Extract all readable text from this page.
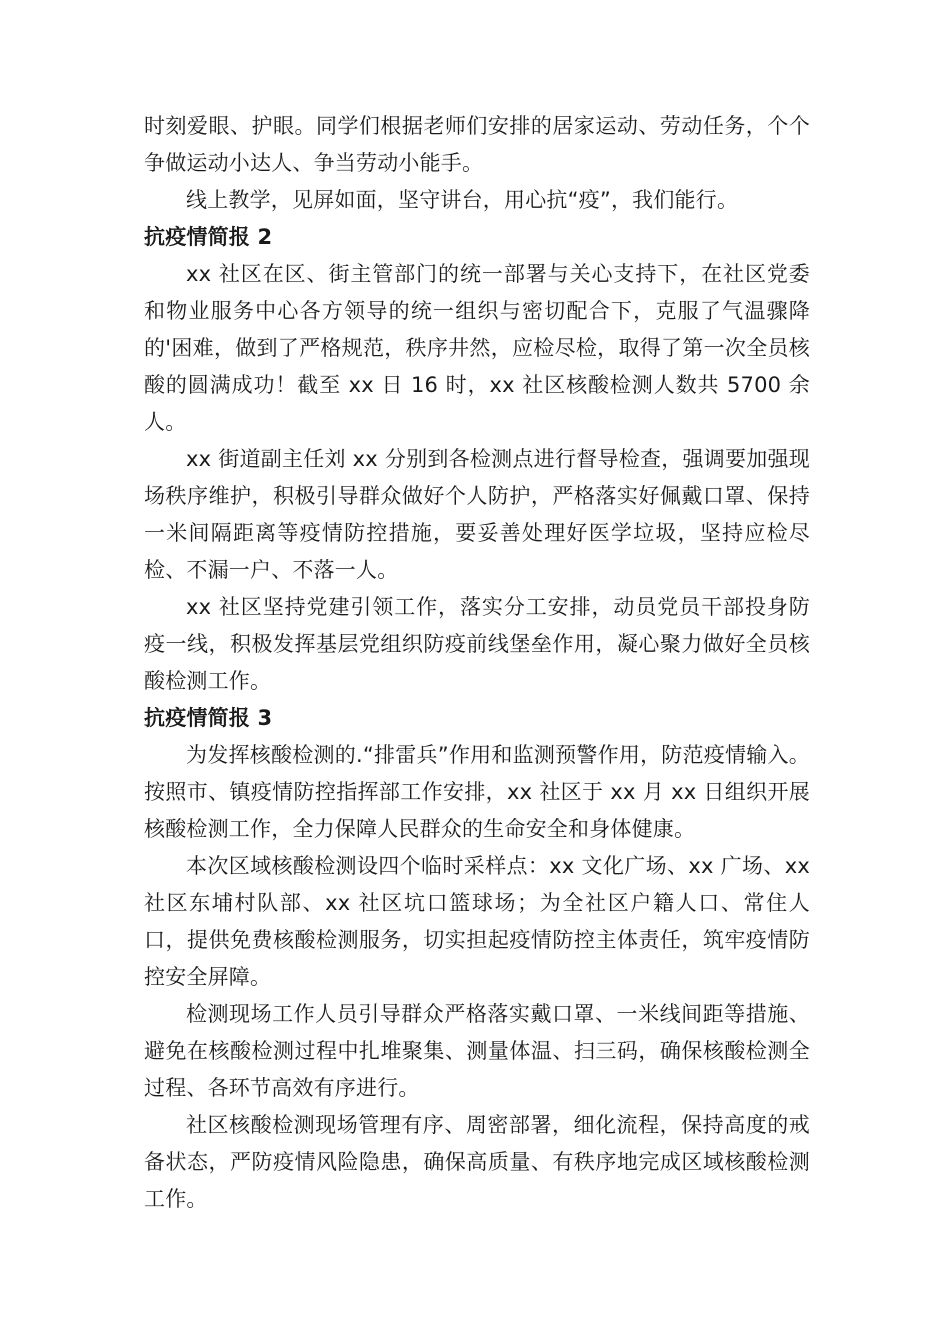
时刻爱眼、护眼。同学们根据老师们安排的居家运动、劳动任务，个个争做运动小达人、争当劳动小能手。

线上教学，见屏如面，坚守讲台，用心抗“疫”，我们能行。

抗疫情简报 2

xx 社区在区、街主管部门的统一部署与关心支持下，在社区党委和物业服务中心各方领导的统一组织与密切配合下，克服了气温骤降的'困难，做到了严格规范，秩序井然，应检尽检，取得了第一次全员核酸的圆满成功！截至 xx 日 16 时，xx 社区核酸检测人数共 5700 余人。

xx 街道副主任刘 xx 分别到各检测点进行督导检查，强调要加强现场秩序维护，积极引导群众做好个人防护，严格落实好佩戴口罩、保持一米间隔距离等疫情防控措施，要妥善处理好医学垃圾，坚持应检尽检、不漏一户、不落一人。

xx 社区坚持党建引领工作，落实分工安排，动员党员干部投身防疫一线，积极发挥基层党组织防疫前线堡垒作用，凝心聚力做好全员核酸检测工作。

抗疫情简报 3

为发挥核酸检测的.“排雷兵”作用和监测预警作用，防范疫情输入。按照市、镇疫情防控指挥部工作安排，xx 社区于 xx 月 xx 日组织开展核酸检测工作，全力保障人民群众的生命安全和身体健康。

本次区域核酸检测设四个临时采样点：xx 文化广场、xx 广场、xx 社区东埔村队部、xx 社区坑口篮球场；为全社区户籍人口、常住人口，提供免费核酸检测服务，切实担起疫情防控主体责任，筑牢疫情防控安全屏障。

检测现场工作人员引导群众严格落实戴口罩、一米线间距等措施、避免在核酸检测过程中扎堆聚集、测量体温、扫三码，确保核酸检测全过程、各环节高效有序进行。

社区核酸检测现场管理有序、周密部署，细化流程，保持高度的戒备状态，严防疫情风险隐患，确保高质量、有秩序地完成区域核酸检测工作。
